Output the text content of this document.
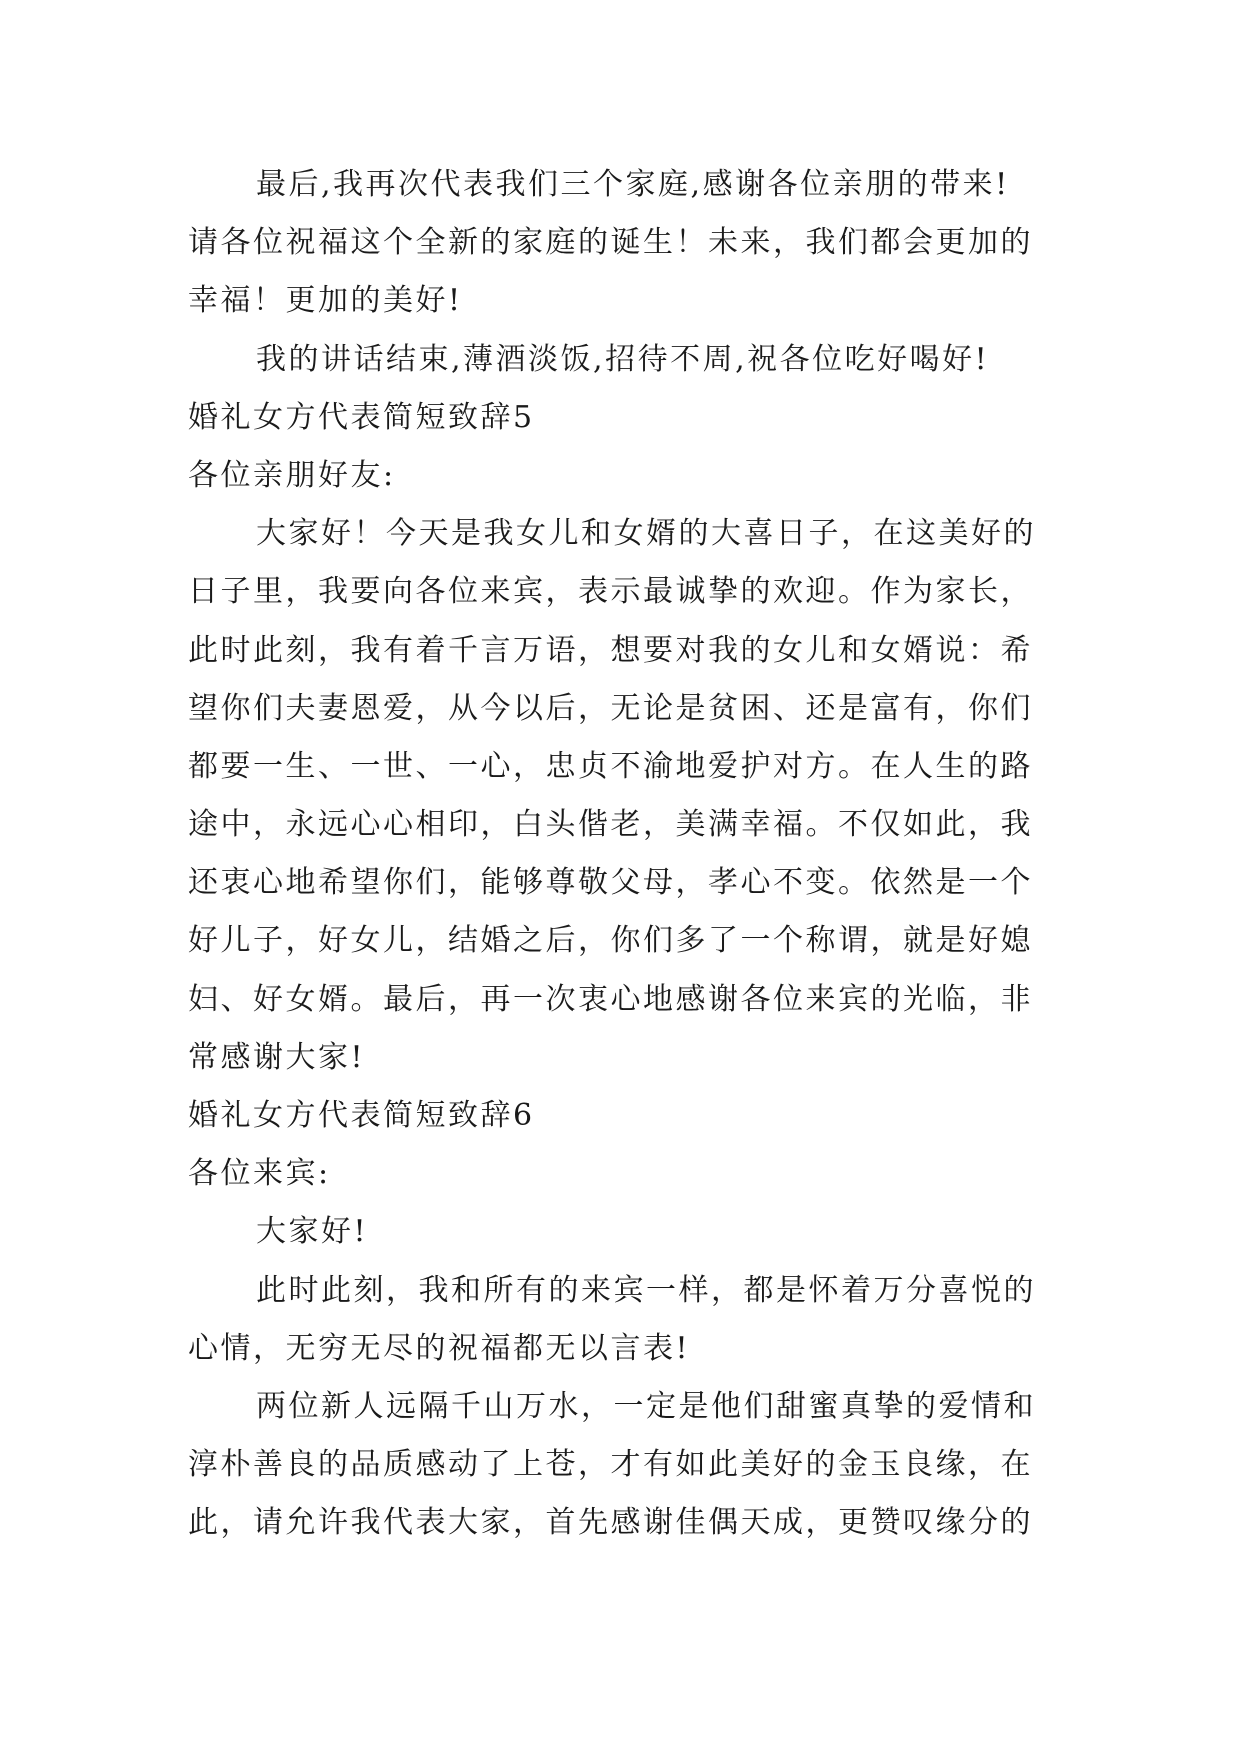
最后,我再次代表我们三个家庭,感谢各位亲朋的带来!
请各位祝福这个全新的家庭的诞生！未来，我们都会更加的
幸福！更加的美好!
我的讲话结束,薄酒淡饭,招待不周,祝各位吃好喝好!
婚礼女方代表简短致辞5
各位亲朋好友:
大家好！今天是我女儿和女婿的大喜日子，在这美好的
日子里，我要向各位来宾，表示最诚挚的欢迎。作为家长，
此时此刻，我有着千言万语，想要对我的女儿和女婿说：希
望你们夫妻恩爱，从今以后，无论是贫困、还是富有，你们
都要一生、一世、一心，忠贞不渝地爱护对方。在人生的路
途中，永远心心相印，白头偕老，美满幸福。不仅如此，我
还衷心地希望你们，能够尊敬父母，孝心不变。依然是一个
好儿子，好女儿，结婚之后，你们多了一个称谓，就是好媳
妇、好女婿。最后，再一次衷心地感谢各位来宾的光临，非
常感谢大家!
婚礼女方代表简短致辞6
各位来宾:
大家好!
此时此刻，我和所有的来宾一样，都是怀着万分喜悦的
心情，无穷无尽的祝福都无以言表!
两位新人远隔千山万水，一定是他们甜蜜真挚的爱情和
淳朴善良的品质感动了上苍，才有如此美好的金玉良缘，在
此，请允许我代表大家，首先感谢佳偶天成，更赞叹缘分的
